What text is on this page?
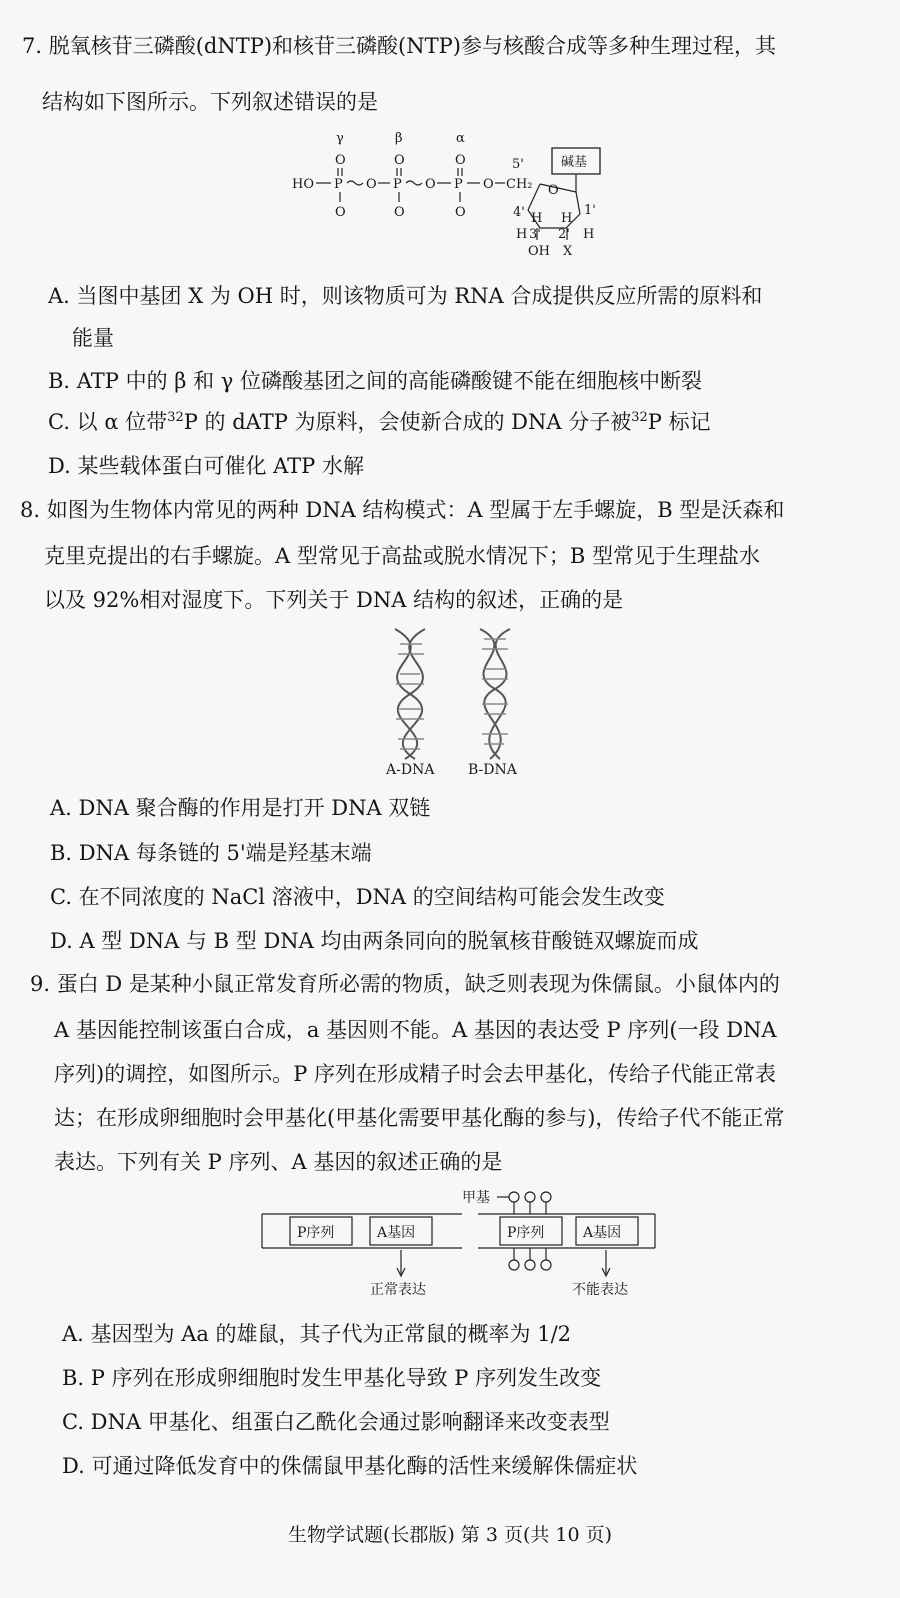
7. 脱氧核苷三磷酸(dNTP)和核苷三磷酸(NTP)参与核酸合成等多种生理过程，其
结构如下图所示。下列叙述错误的是
γ	β	α
O	O	O
HO P O P O P O CH₂
O	O	O
5'	碱基
O
4'	1'
H H
H	H
3' 2'
OH X
A. 当图中基团 X 为 OH 时，则该物质可为 RNA 合成提供反应所需的原料和
能量
B. ATP 中的 β 和 γ 位磷酸基团之间的高能磷酸键不能在细胞核中断裂
C. 以 α 位带$^{32}$P 的 dATP 为原料，会使新合成的 DNA 分子被$^{32}$P 标记
D. 某些载体蛋白可催化 ATP 水解
8. 如图为生物体内常见的两种 DNA 结构模式：A 型属于左手螺旋，B 型是沃森和
克里克提出的右手螺旋。A 型常见于高盐或脱水情况下；B 型常见于生理盐水
以及 92%相对湿度下。下列关于 DNA 结构的叙述，正确的是
A-DNA B-DNA
A. DNA 聚合酶的作用是打开 DNA 双链
B. DNA 每条链的 5'端是羟基末端
C. 在不同浓度的 NaCl 溶液中，DNA 的空间结构可能会发生改变
D. A 型 DNA 与 B 型 DNA 均由两条同向的脱氧核苷酸链双螺旋而成
9. 蛋白 D 是某种小鼠正常发育所必需的物质，缺乏则表现为侏儒鼠。小鼠体内的
A 基因能控制该蛋白合成，a 基因则不能。A 基因的表达受 P 序列(一段 DNA
序列)的调控，如图所示。P 序列在形成精子时会去甲基化，传给子代能正常表
达；在形成卵细胞时会甲基化(甲基化需要甲基化酶的参与)，传给子代不能正常
表达。下列有关 P 序列、A 基因的叙述正确的是
P序列	A基因
正常表达
甲基
P序列	A基因
不能表达
A. 基因型为 Aa 的雄鼠，其子代为正常鼠的概率为 1/2
B. P 序列在形成卵细胞时发生甲基化导致 P 序列发生改变
C. DNA 甲基化、组蛋白乙酰化会通过影响翻译来改变表型
D. 可通过降低发育中的侏儒鼠甲基化酶的活性来缓解侏儒症状
生物学试题(长郡版) 第 3 页(共 10 页)
